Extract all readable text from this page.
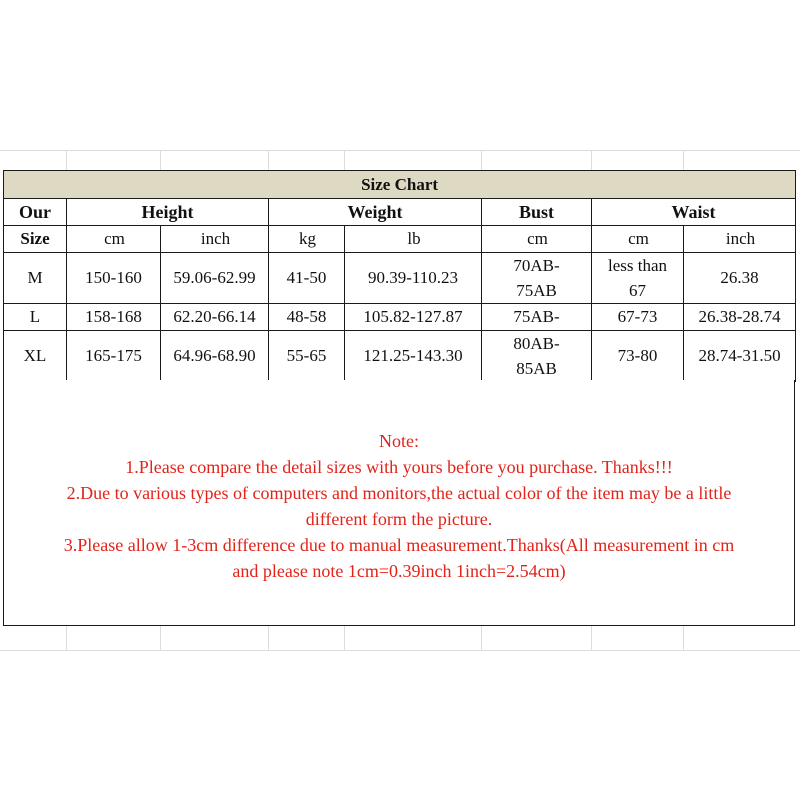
Size Chart							
Our	Height		Weight		Bust	Waist	
Size	cm	inch	kg	lb	cm	cm	inch
M	150-160	59.06-62.99	41-50	90.39-110.23	70AB-75AB	less than 67	26.38
L	158-168	62.20-66.14	48-58	105.82-127.87	75AB-	67-73	26.38-28.74
XL	165-175	64.96-68.90	55-65	121.25-143.30	80AB-85AB	73-80	28.74-31.50
Note:
1.Please compare the detail sizes with yours before you purchase. Thanks!!!
2.Due to various types of computers and monitors,the actual color of the item may be a little
different form the picture.
3.Please allow 1-3cm difference due to manual measurement.Thanks(All measurement in cm
and please note 1cm=0.39inch 1inch=2.54cm)
